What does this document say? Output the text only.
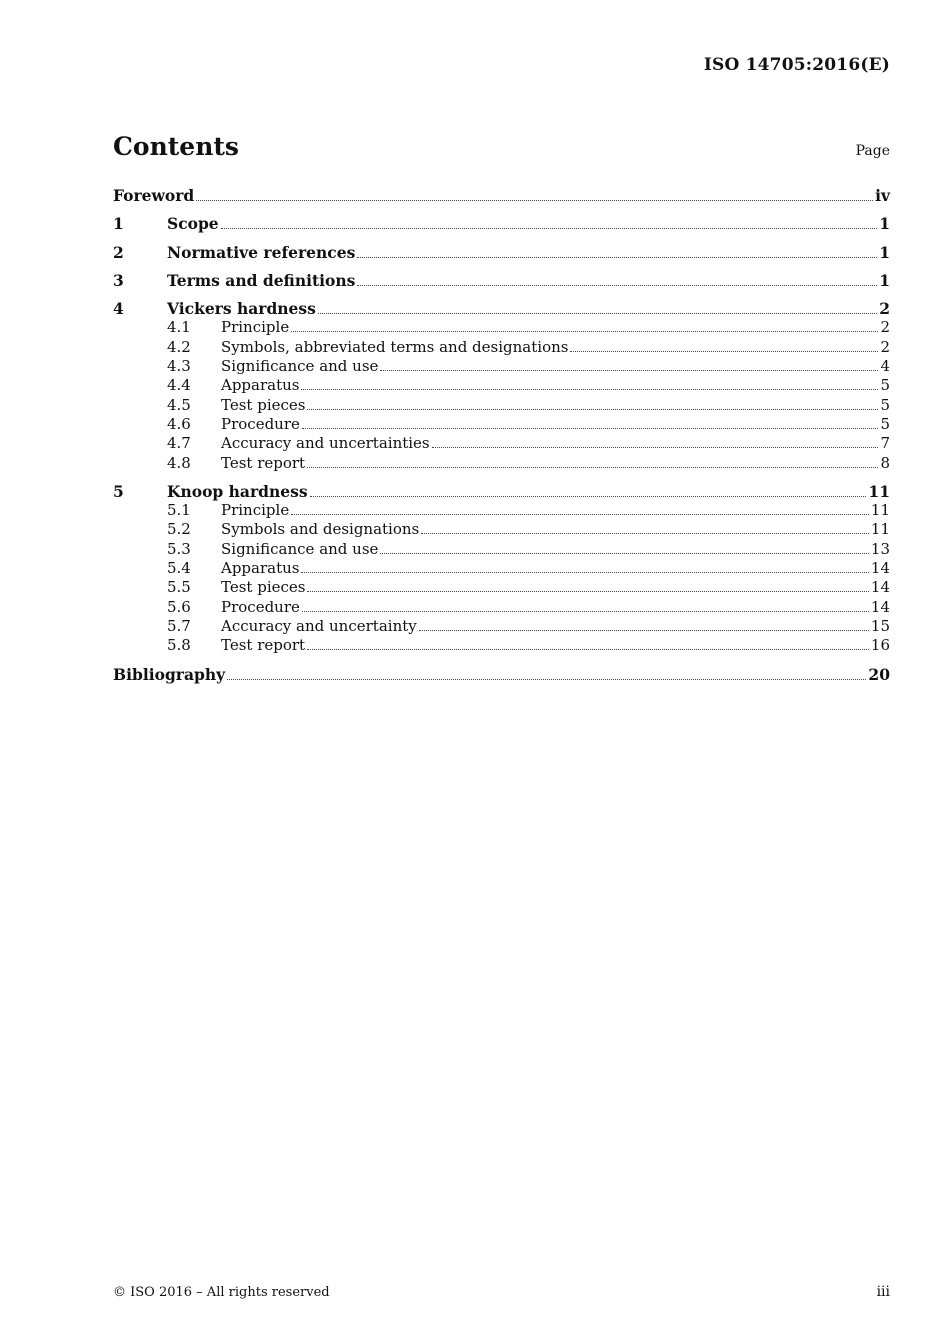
ISO 14705:2016(E)
Contents	Page
Foreword	iv
1	Scope	1
2	Normative references	1
3	Terms and definitions	1
4	Vickers hardness	2
4.1	Principle	2
4.2	Symbols, abbreviated terms and designations	2
4.3	Significance and use	4
4.4	Apparatus	5
4.5	Test pieces	5
4.6	Procedure	5
4.7	Accuracy and uncertainties	7
4.8	Test report	8
5	Knoop hardness	11
5.1	Principle	11
5.2	Symbols and designations	11
5.3	Significance and use	13
5.4	Apparatus	14
5.5	Test pieces	14
5.6	Procedure	14
5.7	Accuracy and uncertainty	15
5.8	Test report	16
Bibliography	20
© ISO 2016 – All rights reserved	iii
